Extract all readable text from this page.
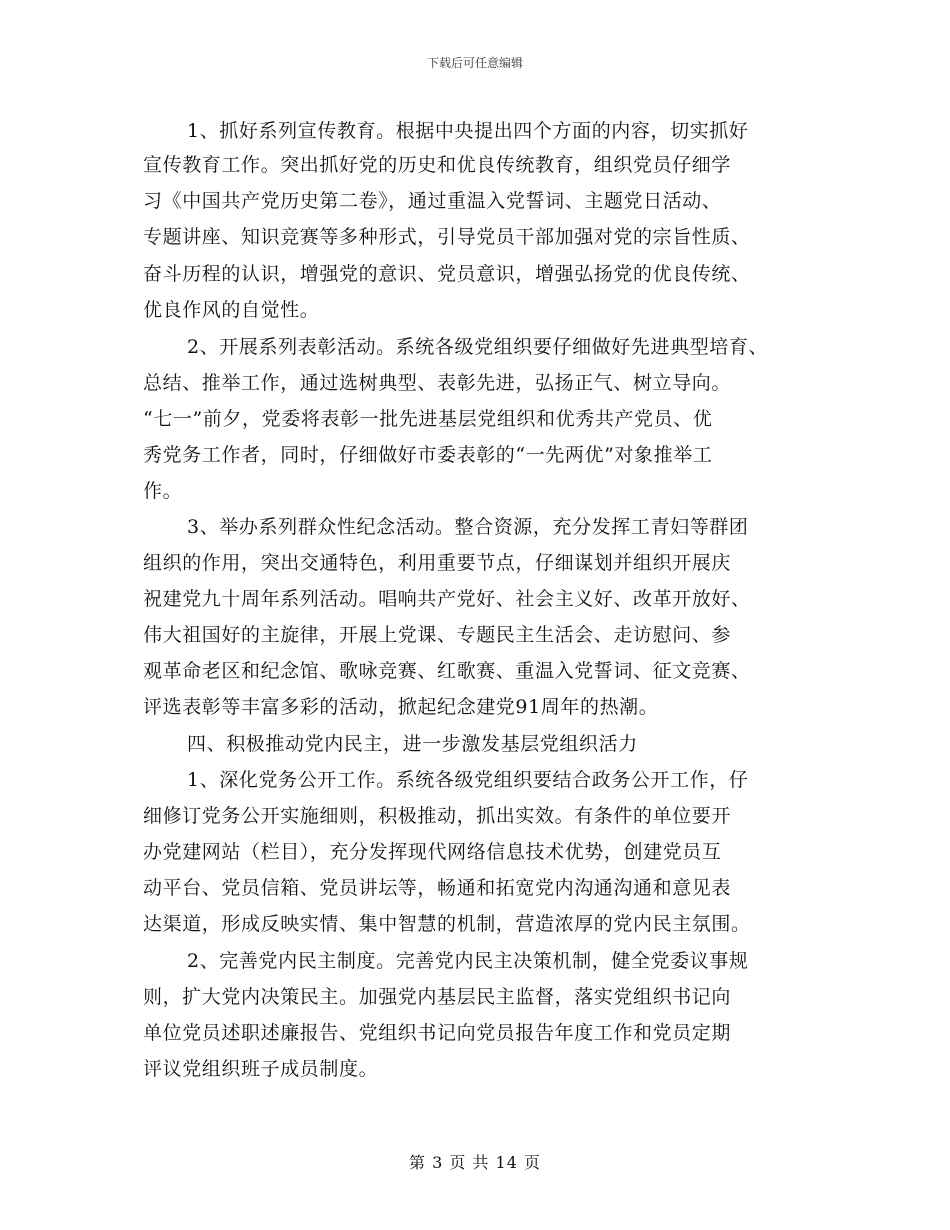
下载后可任意编辑
1、抓好系列宣传教育。根据中央提出四个方面的内容，切实抓好
宣传教育工作。突出抓好党的历史和优良传统教育，组织党员仔细学
习《中国共产党历史第二卷》，通过重温入党誓词、主题党日活动、
专题讲座、知识竞赛等多种形式，引导党员干部加强对党的宗旨性质、
奋斗历程的认识，增强党的意识、党员意识，增强弘扬党的优良传统、
优良作风的自觉性。
2、开展系列表彰活动。系统各级党组织要仔细做好先进典型培育、
总结、推举工作，通过选树典型、表彰先进，弘扬正气、树立导向。
“七一”前夕，党委将表彰一批先进基层党组织和优秀共产党员、优
秀党务工作者，同时，仔细做好市委表彰的“一先两优”对象推举工
作。
3、举办系列群众性纪念活动。整合资源，充分发挥工青妇等群团
组织的作用，突出交通特色，利用重要节点，仔细谋划并组织开展庆
祝建党九十周年系列活动。唱响共产党好、社会主义好、改革开放好、
伟大祖国好的主旋律，开展上党课、专题民主生活会、走访慰问、参
观革命老区和纪念馆、歌咏竞赛、红歌赛、重温入党誓词、征文竞赛、
评选表彰等丰富多彩的活动，掀起纪念建党91周年的热潮。
四、积极推动党内民主，进一步激发基层党组织活力
1、深化党务公开工作。系统各级党组织要结合政务公开工作，仔
细修订党务公开实施细则，积极推动，抓出实效。有条件的单位要开
办党建网站（栏目），充分发挥现代网络信息技术优势，创建党员互
动平台、党员信箱、党员讲坛等，畅通和拓宽党内沟通沟通和意见表
达渠道，形成反映实情、集中智慧的机制，营造浓厚的党内民主氛围。
2、完善党内民主制度。完善党内民主决策机制，健全党委议事规
则，扩大党内决策民主。加强党内基层民主监督，落实党组织书记向
单位党员述职述廉报告、党组织书记向党员报告年度工作和党员定期
评议党组织班子成员制度。
第 3 页 共 14 页
